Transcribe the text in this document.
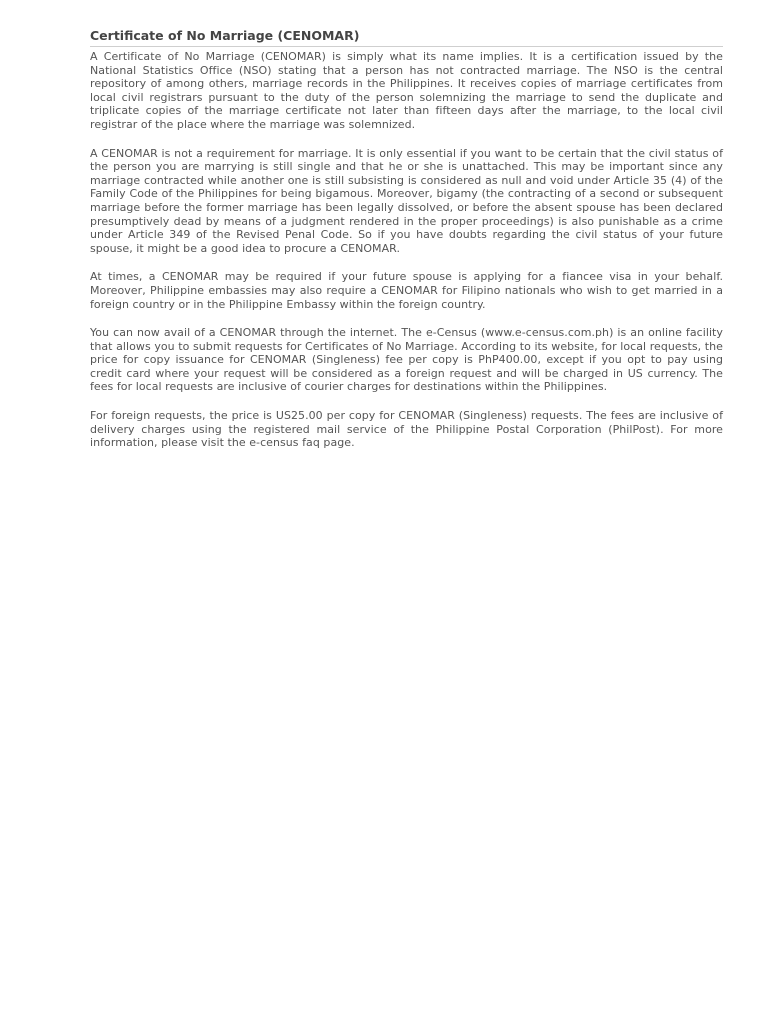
Certificate of No Marriage (CENOMAR)

A Certificate of No Marriage (CENOMAR) is simply what its name implies. It is a certification issued by the National Statistics Office (NSO) stating that a person has not contracted marriage. The NSO is the central repository of among others, marriage records in the Philippines. It receives copies of marriage certificates from local civil registrars pursuant to the duty of the person solemnizing the marriage to send the duplicate and triplicate copies of the marriage certificate not later than fifteen days after the marriage, to the local civil registrar of the place where the marriage was solemnized.

A CENOMAR is not a requirement for marriage. It is only essential if you want to be certain that the civil status of the person you are marrying is still single and that he or she is unattached. This may be important since any marriage contracted while another one is still subsisting is considered as null and void under Article 35 (4) of the Family Code of the Philippines for being bigamous. Moreover, bigamy (the contracting of a second or subsequent marriage before the former marriage has been legally dissolved, or before the absent spouse has been declared presumptively dead by means of a judgment rendered in the proper proceedings) is also punishable as a crime under Article 349 of the Revised Penal Code. So if you have doubts regarding the civil status of your future spouse, it might be a good idea to procure a CENOMAR.

At times, a CENOMAR may be required if your future spouse is applying for a fiancee visa in your behalf. Moreover, Philippine embassies may also require a CENOMAR for Filipino nationals who wish to get married in a foreign country or in the Philippine Embassy within the foreign country.

You can now avail of a CENOMAR through the internet. The e-Census (www.e-census.com.ph) is an online facility that allows you to submit requests for Certificates of No Marriage. According to its website, for local requests, the price for copy issuance for CENOMAR (Singleness) fee per copy is PhP400.00, except if you opt to pay using credit card where your request will be considered as a foreign request and will be charged in US currency. The fees for local requests are inclusive of courier charges for destinations within the Philippines.

For foreign requests, the price is US25.00 per copy for CENOMAR (Singleness) requests. The fees are inclusive of delivery charges using the registered mail service of the Philippine Postal Corporation (PhilPost). For more information, please visit the e-census faq page.
